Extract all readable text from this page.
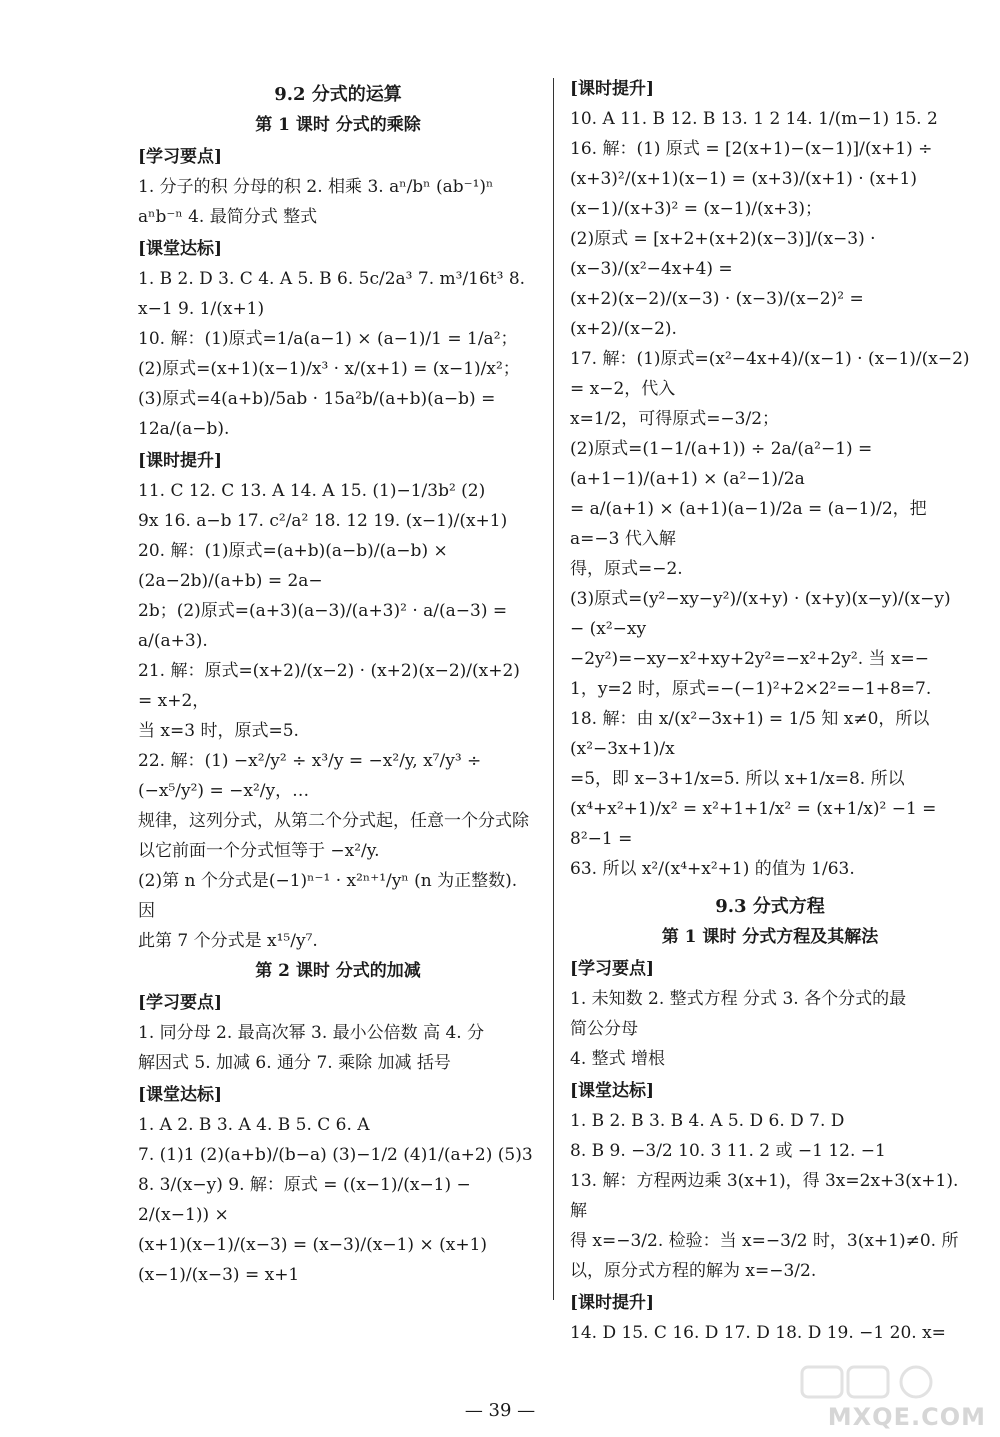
9.2 分式的运算
第 1 课时 分式的乘除
[学习要点]
1. 分子的积 分母的积 2. 相乘 3. aⁿ/bⁿ (ab⁻¹)ⁿ
aⁿb⁻ⁿ 4. 最简分式 整式
[课堂达标]
1. B 2. D 3. C 4. A 5. B 6. 5c/2a³ 7. m³/16t³ 8.
x−1 9. 1/(x+1)
10. 解：(1)原式=1/a(a−1) × (a−1)/1 = 1/a²；
(2)原式=(x+1)(x−1)/x³ · x/(x+1) = (x−1)/x²；
(3)原式=4(a+b)/5ab · 15a²b/(a+b)(a−b) = 12a/(a−b).
[课时提升]
11. C 12. C 13. A 14. A 15. (1)−1/3b² (2)
9x 16. a−b 17. c²/a² 18. 12 19. (x−1)/(x+1)
20. 解：(1)原式=(a+b)(a−b)/(a−b) × (2a−2b)/(a+b) = 2a−
2b；(2)原式=(a+3)(a−3)/(a+3)² · a/(a−3) = a/(a+3).
21. 解：原式=(x+2)/(x−2) · (x+2)(x−2)/(x+2) = x+2，
当 x=3 时，原式=5.
22. 解：(1) −x²/y² ÷ x³/y = −x²/y, x⁷/y³ ÷ (−x⁵/y²) = −x²/y，…
规律，这列分式，从第二个分式起，任意一个分式除
以它前面一个分式恒等于 −x²/y.
(2)第 n 个分式是(−1)ⁿ⁻¹ · x²ⁿ⁺¹/yⁿ (n 为正整数). 因
此第 7 个分式是 x¹⁵/y⁷.
第 2 课时 分式的加减
[学习要点]
1. 同分母 2. 最高次幂 3. 最小公倍数 高 4. 分
解因式 5. 加减 6. 通分 7. 乘除 加减 括号
[课堂达标]
1. A 2. B 3. A 4. B 5. C 6. A
7. (1)1 (2)(a+b)/(b−a) (3)−1/2 (4)1/(a+2) (5)3
8. 3/(x−y) 9. 解：原式 = ((x−1)/(x−1) − 2/(x−1)) ×
(x+1)(x−1)/(x−3) = (x−3)/(x−1) × (x+1)(x−1)/(x−3) = x+1
[课时提升]
10. A 11. B 12. B 13. 1 2 14. 1/(m−1) 15. 2
16. 解：(1) 原式 = [2(x+1)−(x−1)]/(x+1) ÷
(x+3)²/(x+1)(x−1) = (x+3)/(x+1) · (x+1)(x−1)/(x+3)² = (x−1)/(x+3)；
(2)原式 = [x+2+(x+2)(x−3)]/(x−3) · (x−3)/(x²−4x+4) =
(x+2)(x−2)/(x−3) · (x−3)/(x−2)² = (x+2)/(x−2).
17. 解：(1)原式=(x²−4x+4)/(x−1) · (x−1)/(x−2) = x−2，代入
x=1/2，可得原式=−3/2；
(2)原式=(1−1/(a+1)) ÷ 2a/(a²−1) = (a+1−1)/(a+1) × (a²−1)/2a
= a/(a+1) × (a+1)(a−1)/2a = (a−1)/2，把 a=−3 代入解
得，原式=−2.
(3)原式=(y²−xy−y²)/(x+y) · (x+y)(x−y)/(x−y) − (x²−xy
−2y²)=−xy−x²+xy+2y²=−x²+2y². 当 x=−
1，y=2 时，原式=−(−1)²+2×2²=−1+8=7.
18. 解：由 x/(x²−3x+1) = 1/5 知 x≠0，所以 (x²−3x+1)/x
=5，即 x−3+1/x=5. 所以 x+1/x=8. 所以
(x⁴+x²+1)/x² = x²+1+1/x² = (x+1/x)² −1 = 8²−1 =
63. 所以 x²/(x⁴+x²+1) 的值为 1/63.
9.3 分式方程
第 1 课时 分式方程及其解法
[学习要点]
1. 未知数 2. 整式方程 分式 3. 各个分式的最
简公分母
4. 整式 增根
[课堂达标]
1. B 2. B 3. B 4. A 5. D 6. D 7. D
8. B 9. −3/2 10. 3 11. 2 或 −1 12. −1
13. 解：方程两边乘 3(x+1)，得 3x=2x+3(x+1). 解
得 x=−3/2. 检验：当 x=−3/2 时，3(x+1)≠0. 所
以，原分式方程的解为 x=−3/2.
[课时提升]
14. D 15. C 16. D 17. D 18. D 19. −1 20. x=
— 39 —	MXQE.COM
